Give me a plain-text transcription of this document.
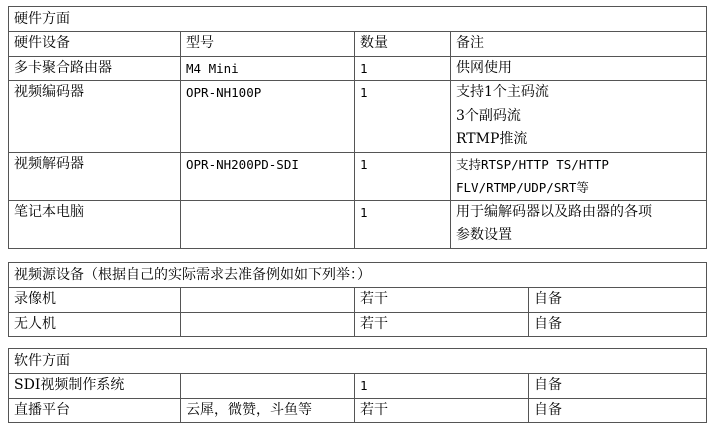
硬件方面			
硬件设备	型号	数量	备注
多卡聚合路由器	M4 Mini	1	供网使用

视频编码器	OPR-NH100P	1	支持1个主码流
3个副码流
RTMP推流

视频解码器	OPR-NH200PD-SDI	1	支持RTSP/HTTP TS/HTTP
FLV/RTMP/UDP/SRT等

笔记本电脑		1	用于编解码器以及路由器的各项
参数设置
视频源设备（根据自己的实际需求去准备例如如下列举：）			
录像机		若干	自备
无人机		若干	自备
软件方面			
SDI视频制作系统		1	自备
直播平台	云犀，微赞，斗鱼等	若干	自备
